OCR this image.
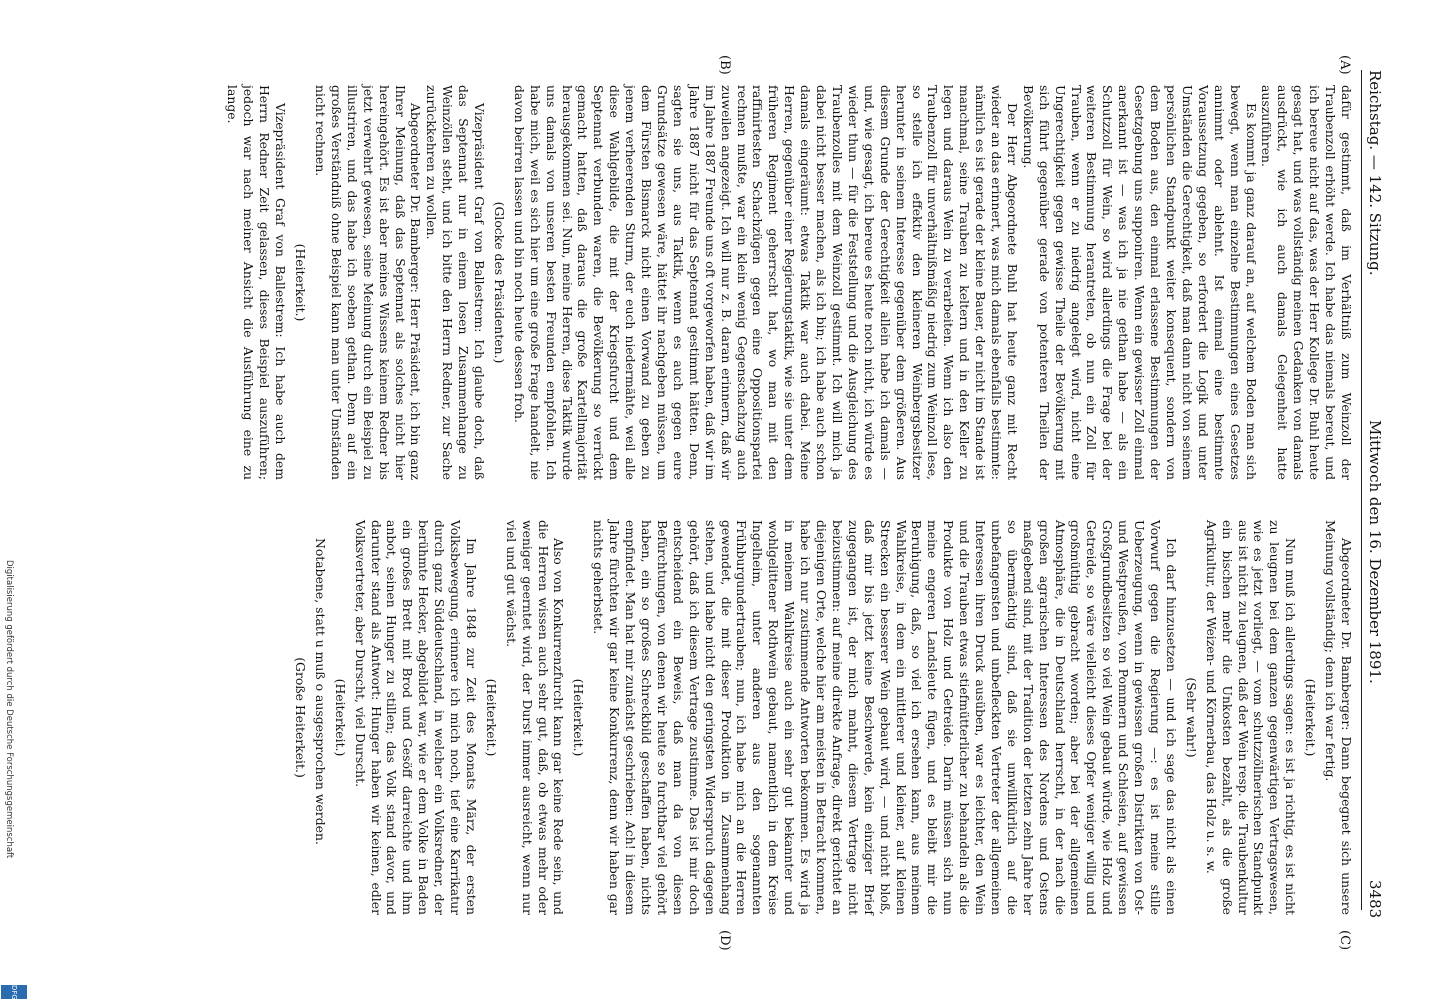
Reichstag. — 142. Sitzung.
Mittwoch den 16. Dezember 1891.
3483
(A)
(B)
(C)
(D)

dafür gestimmt, daß im Verhältniß zum Weinzoll der Traubenzoll erhöht werde. Ich habe das niemals bereut, und ich bereue nicht auf das, was der Herr Kollege Dr. Buhl heute gesagt hat, und was vollständig meinen Gedanken von damals ausdrückt, wie ich auch damals Gelegenheit hatte auszuführen.

Es kommt ja ganz darauf an, auf welchem Boden man sich bewegt, wenn man einzelne Bestimmungen eines Gesetzes annimmt oder ablehnt. Ist einmal eine bestimmte Voraussetzung gegeben, so erfordert die Logik und unter Umständen die Gerechtigkeit, daß man dann nicht von seinem persönlichen Standpunkt weiter konsequent, sondern von dem Boden aus, den einmal erlassene Bestimmungen der Gesetzgebung uns supponiren. Wenn ein gewisser Zoll einmal anerkannt ist — was ich ja nie gethan habe — als ein Schutzzoll für Wein, so wird allerdings die Frage bei der weiteren Bestimmung herantreten, ob nun ein Zoll für Trauben, wenn er zu niedrig angelegt wird, nicht eine Ungerechtigkeit gegen gewisse Theile der Bevölkerung mit sich führt gegenüber gerade von potenteren Theilen der Bevölkerung.

Der Herr Abgeordnete Buhl hat heute ganz mit Recht wieder an das erinnert, was mich damals ebenfalls bestimmte: nämlich es ist gerade der kleine Bauer, der nicht im Stande ist manchmal, seine Trauben zu keltern und in den Keller zu legen und daraus Wein zu verarbeiten. Wenn ich also den Traubenzoll für unverhältnißmäßig niedrig zum Weinzoll lese, so stelle ich effektiv den kleineren Weinbergsbesitzer herunter in seinem Interesse gegenüber dem größeren. Aus diesem Grunde der Gerechtigkeit allein habe ich damals — und, wie gesagt, ich bereue es heute noch nicht, ich würde es wieder thun — für die Feststellung und die Ausgleichung des Traubenzolles mit dem Weinzoll gestimmt. Ich will mich ja dabei nicht besser machen, als ich bin; ich habe auch schon damals eingeräumt: etwas Taktik war auch dabei. Meine Herren, gegenüber einer Regierungstaktik, wie sie unter dem früheren Regiment geherrscht hat, wo man mit den raffinirtesten Schachzügen gegen eine Oppositionspartei rechnen mußte, war ein klein wenig Gegenschachzug auch zuweilen angezeigt. Ich will nur z. B. daran erinnern, daß wir im Jahre 1887 Freunde uns oft vorgeworfen haben, daß wir im Jahre 1887 nicht für das Septennat gestimmt hätten. Denn, sagten sie uns, aus Taktik, wenn es auch gegen eure Grundsätze gewesen wäre, hättet ihr nachgeben müssen, um dem Fürsten Bismarck nicht einen Vorwand zu geben zu jenem verheerenden Sturm, der euch niedermähte, weil alle diese Wahlgebilde, die mit der Kriegsfurcht und dem Septennat verbunden waren, die Bevölkerung so verrückt gemacht hatten, daß daraus die große Kartellmajorität herausgekommen sei. Nun, meine Herren, diese Taktik wurde uns damals von unseren besten Freunden empfohlen. Ich habe mich, weil es sich hier um eine große Frage handelt, nie davon beirren lassen und bin noch heute dessen froh.

(Glocke des Präsidenten.)

Vizepräsident Graf von Ballestrem: Ich glaube doch, daß das Septennat nur in einem losen Zusammenhange zu Weinzöllen steht, und ich bitte den Herrn Redner, zur Sache zurückkehren zu wollen.

Abgeordneter Dr. Bamberger: Herr Präsident, ich bin ganz Ihrer Meinung, daß das Septennat als solches nicht hier hereingehört. Es ist aber meines Wissens keinem Redner bis jetzt verwehrt gewesen, seine Meinung durch ein Beispiel zu illustriren, und das habe ich soeben gethan. Denn auf ein großes Verständniß ohne Beispiel kann man unter Umständen nicht rechnen.

(Heiterkeit.)

Vizepräsident Graf von Ballestrem: Ich habe auch dem Herrn Redner Zeit gelassen, dieses Beispiel auszuführen; jedoch war nach meiner Ansicht die Ausführung eine zu lange.

Abgeordneter Dr. Bamberger: Dann begegnet sich unsere Meinung vollständig; denn ich war fertig.

(Heiterkeit.)

Nun muß ich allerdings sagen: es ist ja richtig, es ist nicht zu leugnen bei dem ganzen gegenwärtigen Vertragswesen, wie es jetzt vorliegt, — vom schutzzöllnerischen Standpunkt aus ist nicht zu leugnen, daß der Wein resp. die Traubenkultur ein bischen mehr die Unkosten bezahlt, als die große Agrikultur, der Weizen- und Körnerbau, das Holz u. s. w.

(Sehr wahr!)

Ich darf hinzusetzen — und ich sage das nicht als einen Vorwurf gegen die Regierung —: es ist meine stille Ueberzeugung, wenn in gewissen großen Distrikten von Ost- und Westpreußen, von Pommern und Schlesien, auf gewissen Großgrundbesitzen so viel Wein gebaut würde, wie Holz und Getreide, so wäre vielleicht dieses Opfer weniger willig und großmüthig gebracht worden; aber bei der allgemeinen Atmosphäre, die in Deutschland herrscht, in der nach die großen agrarischen Interessen des Nordens und Ostens maßgebend sind, mit der Tradition der letzten zehn Jahre her so übermächtig sind, daß sie unwillkürlich auf die unbefangensten und unbefleckten Vertreter der allgemeinen Interessen ihren Druck ausüben, war es leichter, den Wein und die Trauben etwas stiefmütterlicher zu behandeln als die Produkte von Holz und Getreide. Darin müssen sich nun meine engeren Landsleute fügen, und es bleibt mir die Beruhigung, daß, so viel ich ersehen kann, aus meinem Wahlkreise, in dem ein mittlerer und kleiner, auf kleinen Strecken ein besserer Wein gebaut wird, — und nicht bloß, daß mir bis jetzt keine Beschwerde, kein einziger Brief zugegangen ist, der mich mahnt, diesem Vertrage nicht beizustimmen: auf meine direkte Anfrage, direkt gerichtet an diejenigen Orte, welche hier am meisten in Betracht kommen, habe ich nur zustimmende Antworten bekommen. Es wird ja in meinem Wahlkreise auch ein sehr gut bekannter und wohlgelittener Rothwein gebaut, namentlich in dem Kreise Ingelheim, unter anderen aus den sogenannten Frühburgundertrauben; nun, ich habe mich an die Herren gewendet, die mit dieser Produktion in Zusammenhang stehen, und habe nicht den geringsten Widerspruch dagegen gehört, daß ich diesem Vertrage zustimme. Das ist mir doch entscheidend ein Beweis, daß man da von diesen Befürchtungen, von denen wir heute so furchtbar viel gehört haben, ein so großes Schreckbild geschaffen haben, nichts empfindet. Man hat mir zunächst geschrieben: Ach! in diesem Jahre fürchten wir gar keine Konkurrenz, denn wir haben gar nichts geherbstet.

(Heiterkeit.)

Also von Konkurrenzfurcht kann gar keine Rede sein, und die Herren wissen auch sehr gut, daß, ob etwas mehr oder weniger geerntet wird, der Durst immer ausreicht, wenn nur viel und gut wächst.

(Heiterkeit.)

Im Jahre 1848 zur Zeit des Monats März, der ersten Volksbewegung, erinnere ich mich noch, tief eine Karrikatur durch ganz Süddeutschland, in welcher ein Volksredner, der berühmte Hecker, abgebildet war, wie er dem Volke in Baden ein großes Brett mit Brod und Gesöff darreichte und ihm anbot, seinen Hunger zu stillen; das Volk stand davor, und darunter stand als Antwort: Hunger haben wir keinen, edler Volksvertreter, aber Durscht, viel Durscht.

(Heiterkeit.)

Notabene, statt u muß o ausgesprochen werden.

(Große Heiterkeit.)

Digitalisierung gefördert durch die Deutsche Forschungsgemeinschaft
DFG
